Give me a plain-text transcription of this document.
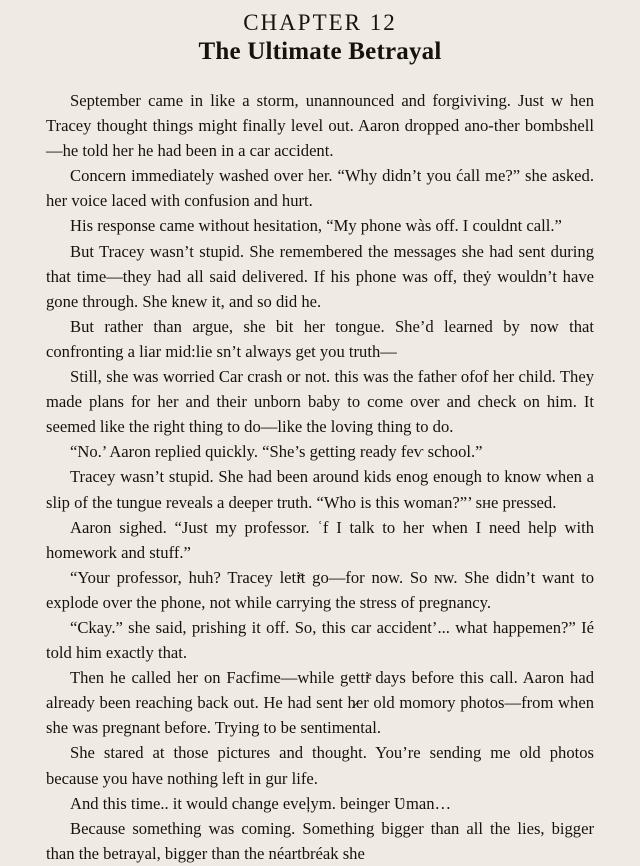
CHAPTER 12
The Ultimate Betrayal

September came in like a storm, unannounced and forgiviving. Just w hen Tracey thought things might finally level out. Aaron dropped ano-ther bombshell—he told her he had been in a car accident.

Concern immediately washed over her. “Why didn’t you ćall me?” she asked. her voice laced with confusion and hurt.

His response came without hesitation, “My phone wàs off. I couldnt call.”

But Tracey wasn’t stupid. She remembered the messages she had sent during that time—they had all said delivered. If his phone was off, theẏ wouldn’t have gone through. She knew it, and so did he.

But rather than argue, ѕhe bit her tongue. She’d learned by now that confronting a liar mid:lie sn’t always get you truth—

Still, she was worried Car crash or not. this was the father ofof her child. They made plans for her and their unborn baby to come over and check on him. It seemed like the right thing to do—like the loving thing to do.

“No.’ Aaron replied quickly. “She’s getting ready feѵ school.”

Tracey wasn’t stupid. She had been around kids enog enough to know when a slip of the tungue reveals a deeper truth. “Who is this woman?”’ sнe pressed.

Aaron sighed. “Just my professor. ʿf I talk to her when I need help with homework and stuff.”

“Your professor, huh? Tracey letiͤt go—for now. So ɴw. She didn’t want to explode over the phone, not while carrying the stress of pregnancy.

“Ckay.” she said, prishing it off. So, this car accident’... what happemen?” Ié told him exactly that.

Then he called her on Facfime—while gettiͤ days before this call. Aaron had already been reaching back out. He had sent h̷er old momory photos—from when she was pregnant before. Trying to be sentimental.

She stared at those pictures and thought. You’re sending me old photos because you have nothing left in gur life.

And this time.. it would change eveļym. beinger Ʋman…

Because something was coming. Something bigger than all the lies, bigger than the betrayal, bigger than the néartbréak she
